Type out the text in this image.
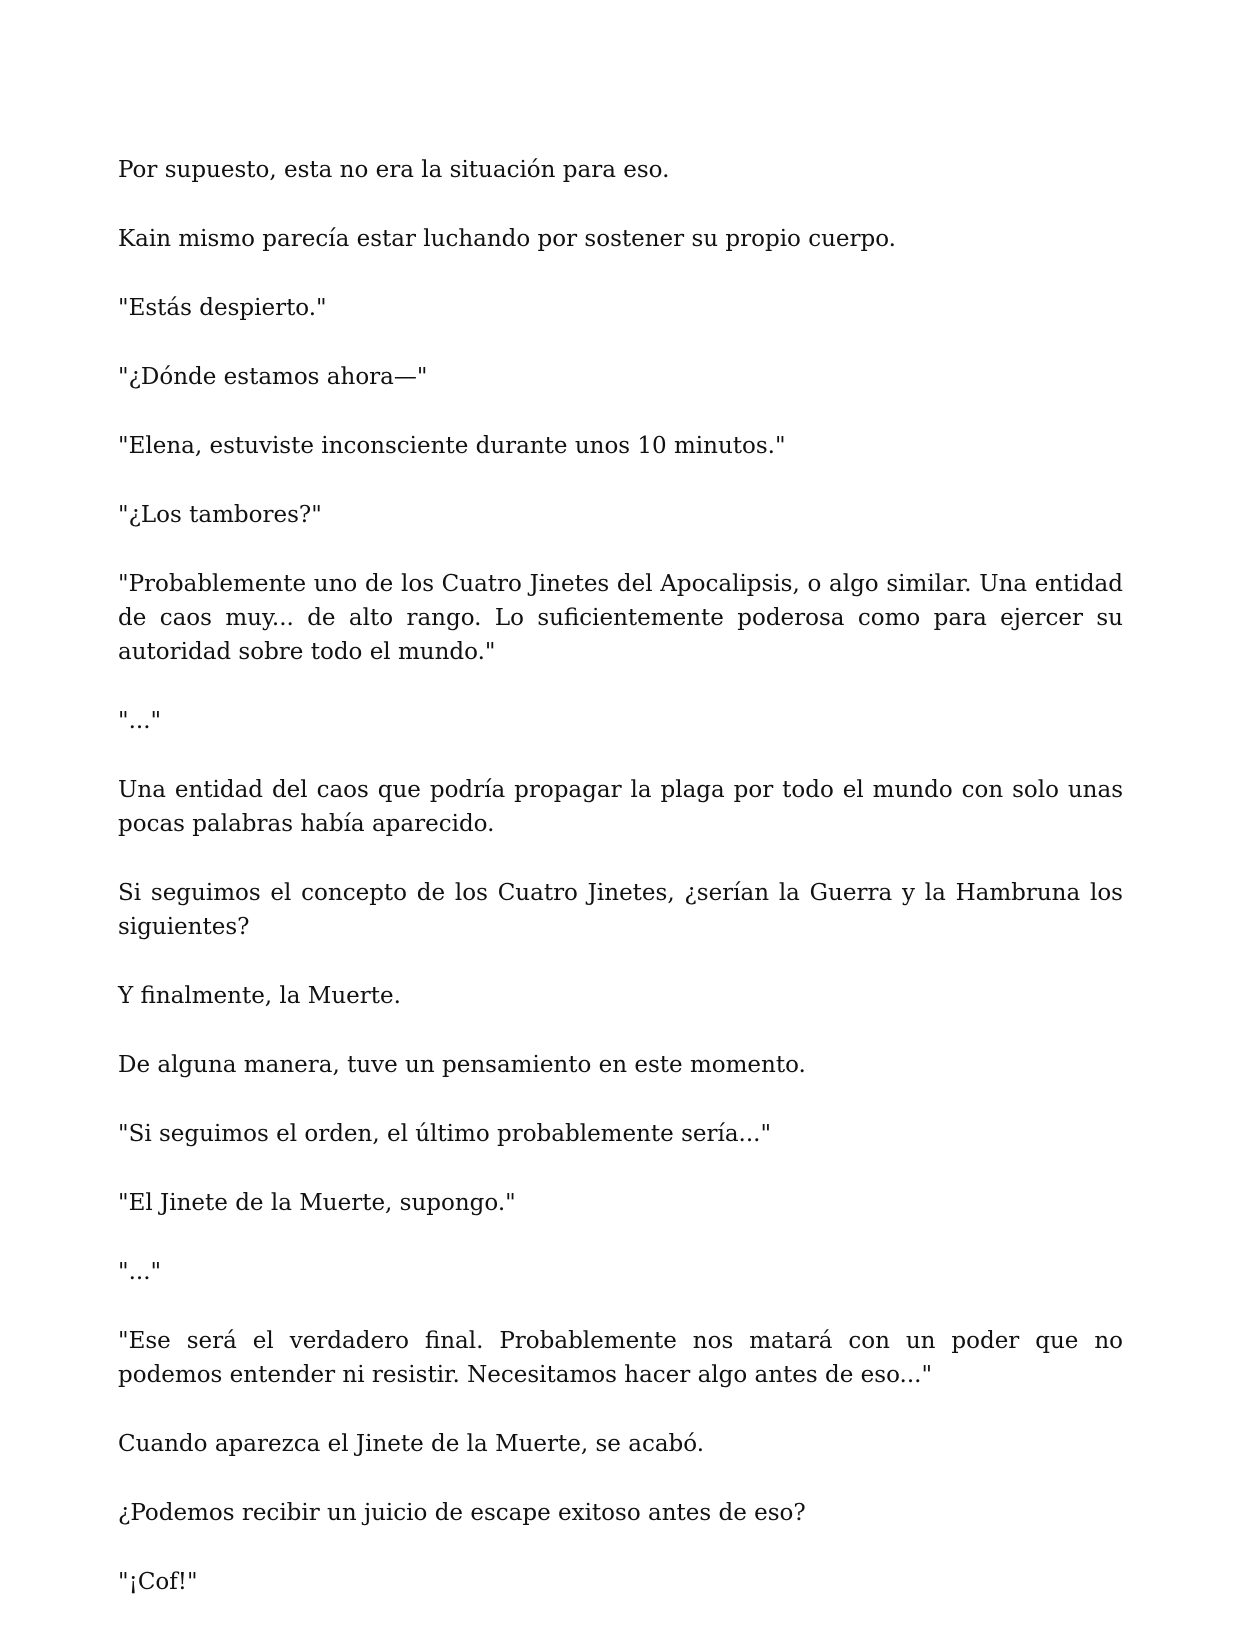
Por supuesto, esta no era la situación para eso.

Kain mismo parecía estar luchando por sostener su propio cuerpo.

"Estás despierto."

"¿Dónde estamos ahora—"

"Elena, estuviste inconsciente durante unos 10 minutos."

"¿Los tambores?"

"Probablemente uno de los Cuatro Jinetes del Apocalipsis, o algo similar. Una entidad de caos muy... de alto rango. Lo suficientemente poderosa como para ejercer su autoridad sobre todo el mundo."

"..."

Una entidad del caos que podría propagar la plaga por todo el mundo con solo unas pocas palabras había aparecido.

Si seguimos el concepto de los Cuatro Jinetes, ¿serían la Guerra y la Hambruna los siguientes?

Y finalmente, la Muerte.

De alguna manera, tuve un pensamiento en este momento.

"Si seguimos el orden, el último probablemente sería..."

"El Jinete de la Muerte, supongo."

"..."

"Ese será el verdadero final. Probablemente nos matará con un poder que no podemos entender ni resistir. Necesitamos hacer algo antes de eso..."

Cuando aparezca el Jinete de la Muerte, se acabó.

¿Podemos recibir un juicio de escape exitoso antes de eso?

"¡Cof!"
